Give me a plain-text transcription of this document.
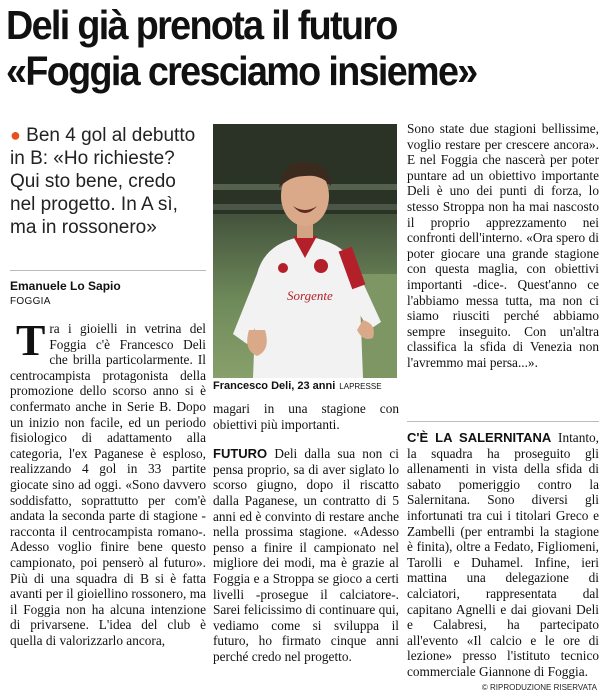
Deli già prenota il futuro
«Foggia cresciamo insieme»
● Ben 4 gol al debutto in B: «Ho richieste? Qui sto bene, credo nel progetto. In A sì, ma in rossonero»
Emanuele Lo Sapio
FOGGIA
Tra i gioielli in vetrina del Foggia c'è Francesco Deli che brilla particolarmente. Il centrocampista protagonista della promozione dello scorso anno si è confermato anche in Serie B. Dopo un inizio non facile, ed un periodo fisiologico di adattamento alla categoria, l'ex Paganese è esploso, realizzando 4 gol in 33 partite giocate sino ad oggi. «Sono davvero soddisfatto, soprattutto per com'è andata la seconda parte di stagione -racconta il centrocampista romano-. Adesso voglio finire bene questo campionato, poi penserò al futuro». Più di una squadra di B si è fatta avanti per il gioiellino rossonero, ma il Foggia non ha alcuna intenzione di privarsene. L'idea del club è quella di valorizzarlo ancora,
Sorgente
Francesco Deli, 23 anni LAPRESSE
magari in una stagione con obiettivi più importanti.
FUTURO Deli dalla sua non ci pensa proprio, sa di aver siglato lo scorso giugno, dopo il riscatto dalla Paganese, un contratto di 5 anni ed è convinto di restare anche nella prossima stagione. «Adesso penso a finire il campionato nel migliore dei modi, ma è grazie al Foggia e a Stroppa se gioco a certi livelli -prosegue il calciatore-. Sarei felicissimo di continuare qui, vediamo come si sviluppa il futuro, ho firmato cinque anni perché credo nel progetto.
Sono state due stagioni bellissime, voglio restare per crescere ancora». E nel Foggia che nascerà per poter puntare ad un obiettivo importante Deli è uno dei punti di forza, lo stesso Stroppa non ha mai nascosto il proprio apprezzamento nei confronti dell'interno. «Ora spero di poter giocare una grande stagione con questa maglia, con obiettivi importanti -dice-. Quest'anno ce l'abbiamo messa tutta, ma non ci siamo riusciti perché abbiamo sempre inseguito. Con un'altra classifica la sfida di Venezia non l'avremmo mai persa...».
C'È LA SALERNITANA Intanto, la squadra ha proseguito gli allenamenti in vista della sfida di sabato pomeriggio contro la Salernitana. Sono diversi gli infortunati tra cui i titolari Greco e Zambelli (per entrambi la stagione è finita), oltre a Fedato, Figliomeni, Tarolli e Duhamel. Infine, ieri mattina una delegazione di calciatori, rappresentata dal capitano Agnelli e dai giovani Deli e Calabresi, ha partecipato all'evento «Il calcio e le ore di lezione» presso l'istituto tecnico commerciale Giannone di Foggia.
© RIPRODUZIONE RISERVATA
